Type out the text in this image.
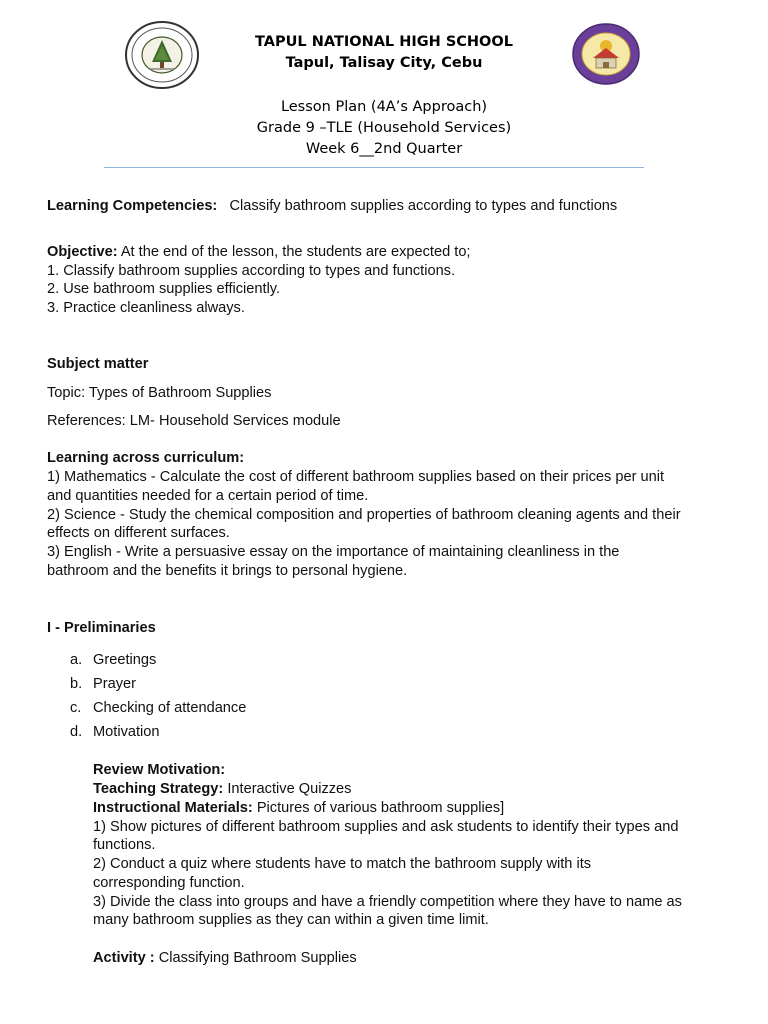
TAPUL NATIONAL HIGH SCHOOL
Tapul, Talisay City, Cebu
Lesson Plan (4A’s Approach)
Grade 9 –TLE (Household Services)
Week 6__2nd Quarter
Learning Competencies: Classify bathroom supplies according to types and functions
Objective: At the end of the lesson, the students are expected to;
1. Classify bathroom supplies according to types and functions.
2. Use bathroom supplies efficiently.
3. Practice cleanliness always.
Subject matter
Topic: Types of Bathroom Supplies
References: LM- Household Services module
Learning across curriculum:
1) Mathematics - Calculate the cost of different bathroom supplies based on their prices per unit
and quantities needed for a certain period of time.
2) Science - Study the chemical composition and properties of bathroom cleaning agents and their
effects on different surfaces.
3) English - Write a persuasive essay on the importance of maintaining cleanliness in the
bathroom and the benefits it brings to personal hygiene.
I - Preliminaries
a. Greetings
b. Prayer
c. Checking of attendance
d. Motivation
Review Motivation:
Teaching Strategy: Interactive Quizzes
Instructional Materials: Pictures of various bathroom supplies]
1) Show pictures of different bathroom supplies and ask students to identify their types and
functions.
2) Conduct a quiz where students have to match the bathroom supply with its
corresponding function.
3) Divide the class into groups and have a friendly competition where they have to name as
many bathroom supplies as they can within a given time limit.
Activity : Classifying Bathroom Supplies
